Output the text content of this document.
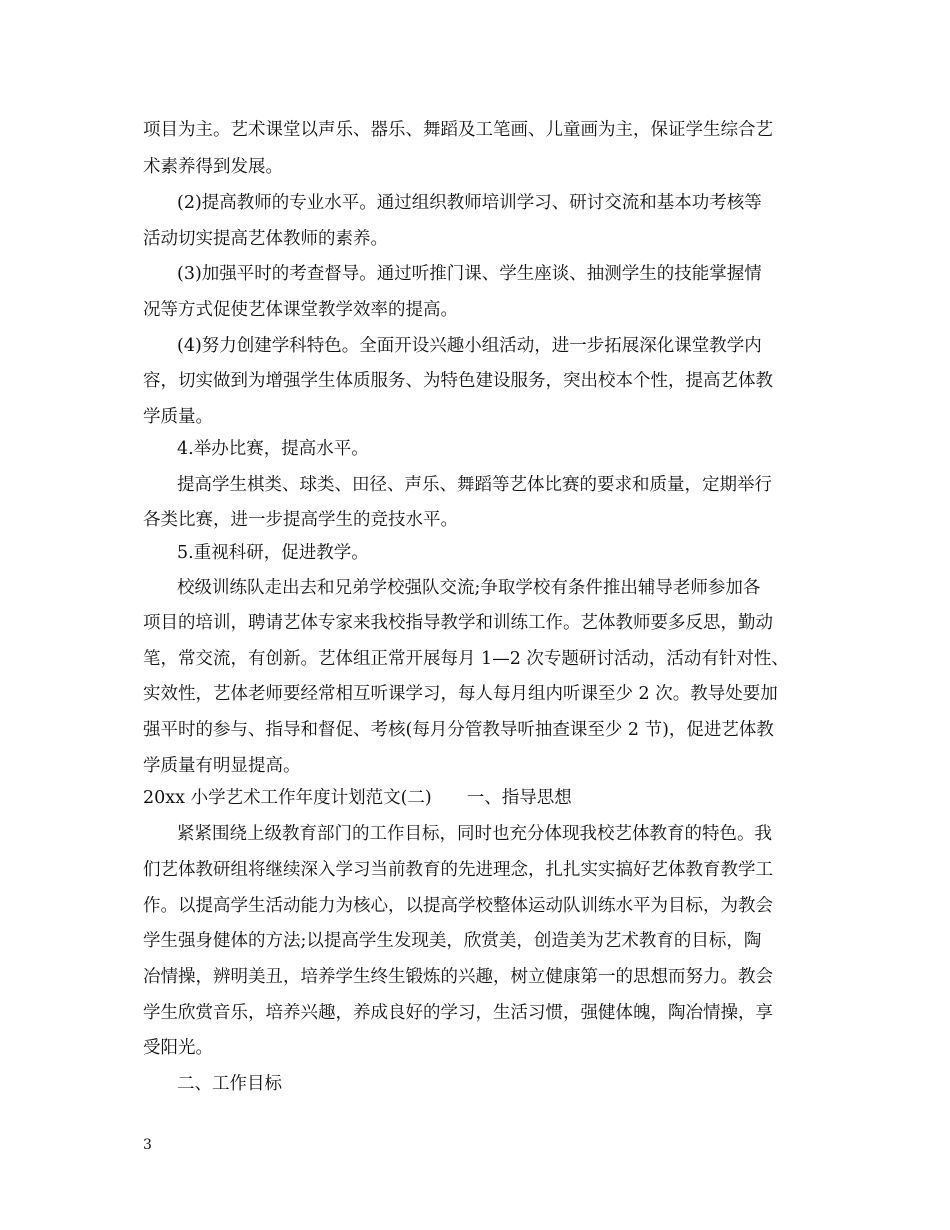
项目为主。艺术课堂以声乐、器乐、舞蹈及工笔画、儿童画为主，保证学生综合艺
术素养得到发展。
(2)提高教师的专业水平。通过组织教师培训学习、研讨交流和基本功考核等
活动切实提高艺体教师的素养。
(3)加强平时的考查督导。通过听推门课、学生座谈、抽测学生的技能掌握情
况等方式促使艺体课堂教学效率的提高。
(4)努力创建学科特色。全面开设兴趣小组活动，进一步拓展深化课堂教学内
容，切实做到为增强学生体质服务、为特色建设服务，突出校本个性，提高艺体教
学质量。
4.举办比赛，提高水平。
提高学生棋类、球类、田径、声乐、舞蹈等艺体比赛的要求和质量，定期举行
各类比赛，进一步提高学生的竞技水平。
5.重视科研，促进教学。
校级训练队走出去和兄弟学校强队交流;争取学校有条件推出辅导老师参加各
项目的培训，聘请艺体专家来我校指导教学和训练工作。艺体教师要多反思，勤动
笔，常交流，有创新。艺体组正常开展每月 1—2 次专题研讨活动，活动有针对性、
实效性，艺体老师要经常相互听课学习，每人每月组内听课至少 2 次。教导处要加
强平时的参与、指导和督促、考核(每月分管教导听抽查课至少 2 节)，促进艺体教
学质量有明显提高。
20xx 小学艺术工作年度计划范文(二)　　一、指导思想
紧紧围绕上级教育部门的工作目标，同时也充分体现我校艺体教育的特色。我
们艺体教研组将继续深入学习当前教育的先进理念，扎扎实实搞好艺体教育教学工
作。以提高学生活动能力为核心，以提高学校整体运动队训练水平为目标，为教会
学生强身健体的方法;以提高学生发现美，欣赏美，创造美为艺术教育的目标，陶
冶情操，辨明美丑，培养学生终生锻炼的兴趣，树立健康第一的思想而努力。教会
学生欣赏音乐，培养兴趣，养成良好的学习，生活习惯，强健体魄，陶冶情操，享
受阳光。
二、工作目标
3
